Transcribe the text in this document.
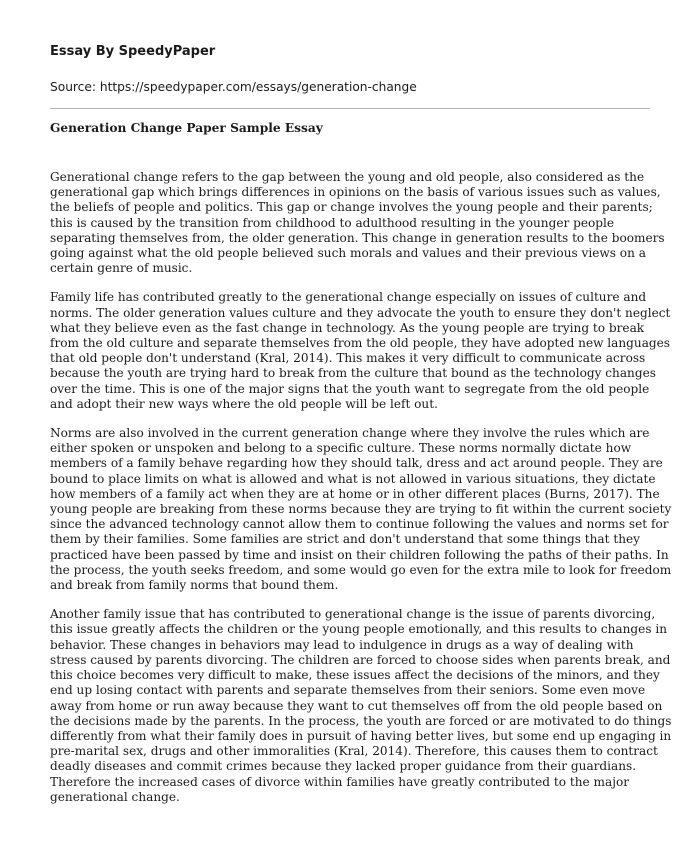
Essay By SpeedyPaper
Source: https://speedypaper.com/essays/generation-change
Generation Change Paper Sample Essay

Generational change refers to the gap between the young and old people, also considered as the
generational gap which brings differences in opinions on the basis of various issues such as values,
the beliefs of people and politics. This gap or change involves the young people and their parents;
this is caused by the transition from childhood to adulthood resulting in the younger people
separating themselves from, the older generation. This change in generation results to the boomers
going against what the old people believed such morals and values and their previous views on a
certain genre of music.

Family life has contributed greatly to the generational change especially on issues of culture and
norms. The older generation values culture and they advocate the youth to ensure they don't neglect
what they believe even as the fast change in technology. As the young people are trying to break
from the old culture and separate themselves from the old people, they have adopted new languages
that old people don't understand (Kral, 2014). This makes it very difficult to communicate across
because the youth are trying hard to break from the culture that bound as the technology changes
over the time. This is one of the major signs that the youth want to segregate from the old people
and adopt their new ways where the old people will be left out.

Norms are also involved in the current generation change where they involve the rules which are
either spoken or unspoken and belong to a specific culture. These norms normally dictate how
members of a family behave regarding how they should talk, dress and act around people. They are
bound to place limits on what is allowed and what is not allowed in various situations, they dictate
how members of a family act when they are at home or in other different places (Burns, 2017). The
young people are breaking from these norms because they are trying to fit within the current society
since the advanced technology cannot allow them to continue following the values and norms set for
them by their families. Some families are strict and don't understand that some things that they
practiced have been passed by time and insist on their children following the paths of their paths. In
the process, the youth seeks freedom, and some would go even for the extra mile to look for freedom
and break from family norms that bound them.

Another family issue that has contributed to generational change is the issue of parents divorcing,
this issue greatly affects the children or the young people emotionally, and this results to changes in
behavior. These changes in behaviors may lead to indulgence in drugs as a way of dealing with
stress caused by parents divorcing. The children are forced to choose sides when parents break, and
this choice becomes very difficult to make, these issues affect the decisions of the minors, and they
end up losing contact with parents and separate themselves from their seniors. Some even move
away from home or run away because they want to cut themselves off from the old people based on
the decisions made by the parents. In the process, the youth are forced or are motivated to do things
differently from what their family does in pursuit of having better lives, but some end up engaging in
pre-marital sex, drugs and other immoralities (Kral, 2014). Therefore, this causes them to contract
deadly diseases and commit crimes because they lacked proper guidance from their guardians.
Therefore the increased cases of divorce within families have greatly contributed to the major
generational change.
